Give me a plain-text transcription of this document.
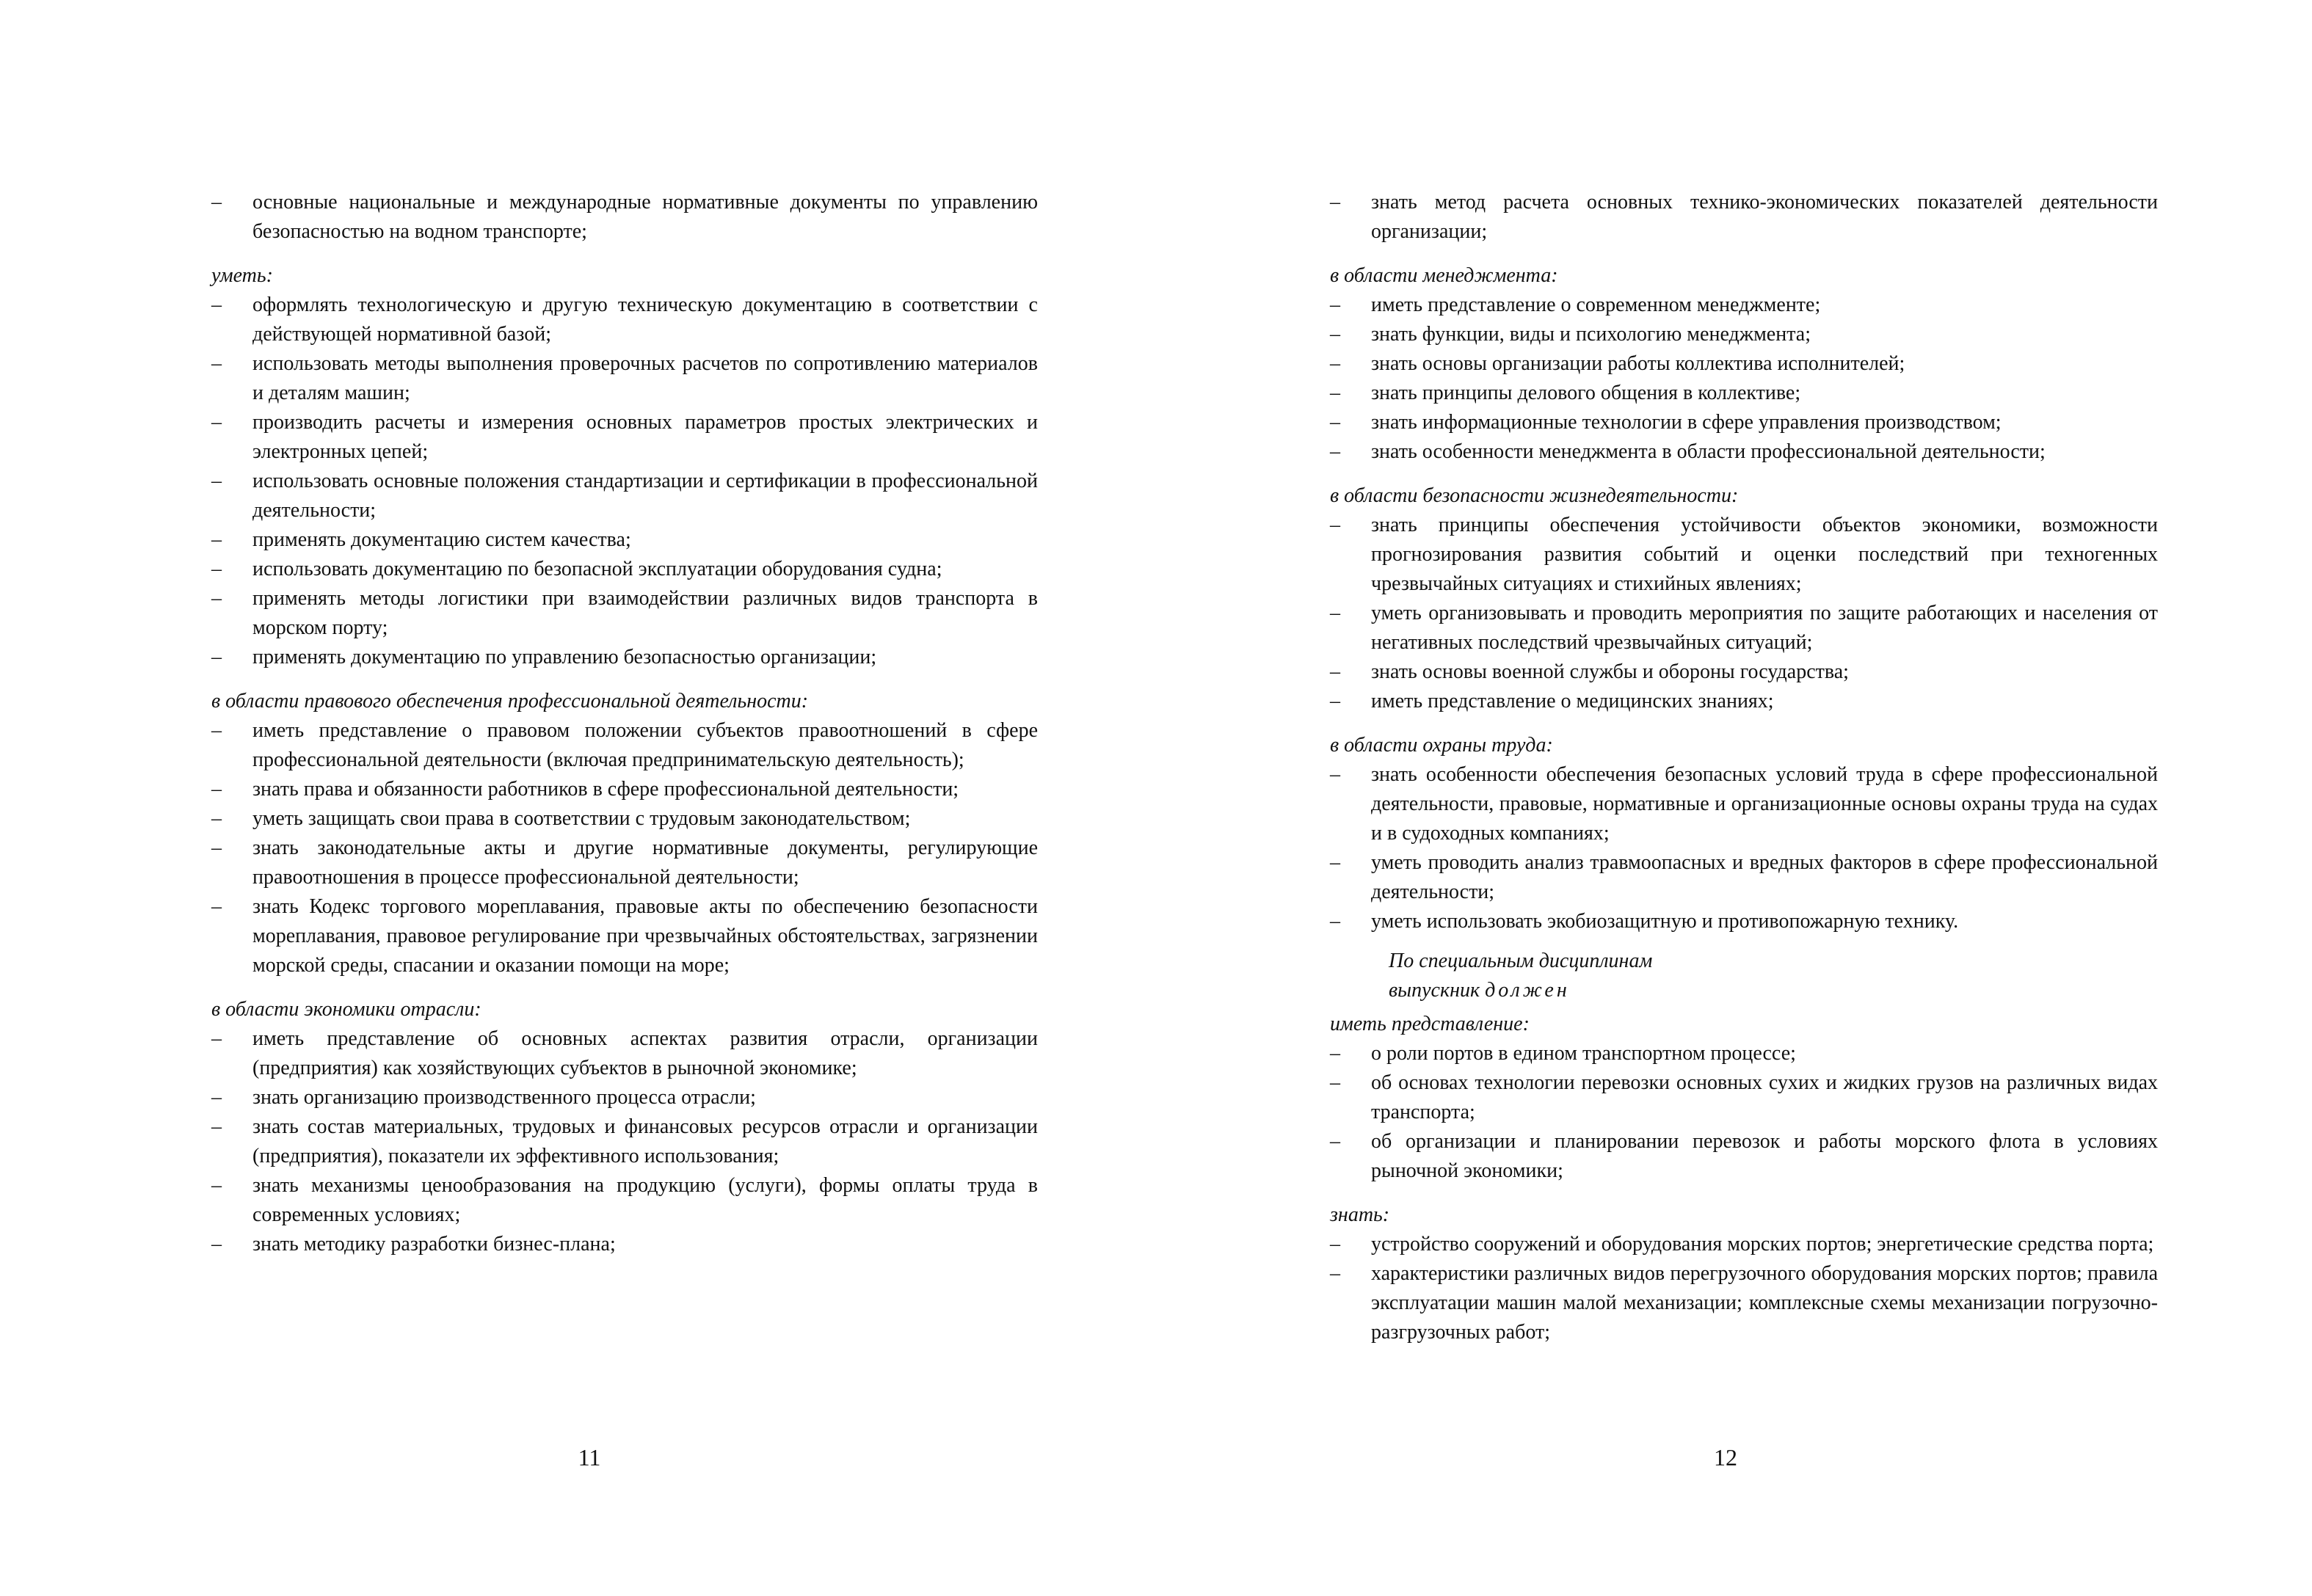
– основные национальные и международные нормативные документы по управлению безопасностью на водном транспорте;

уметь:

– оформлять технологическую и другую техническую документацию в соответствии с действующей нормативной базой;
– использовать методы выполнения проверочных расчетов по сопротивлению материалов и деталям машин;
– производить расчеты и измерения основных параметров простых электрических и электронных цепей;
– использовать основные положения стандартизации и сертификации в профессиональной деятельности;
– применять документацию систем качества;
– использовать документацию по безопасной эксплуатации оборудования судна;
– применять методы логистики при взаимодействии различных видов транспорта в морском порту;
– применять документацию по управлению безопасностью организации;

в области правового обеспечения профессиональной деятельности:

– иметь представление о правовом положении субъектов правоотношений в сфере профессиональной деятельности (включая предпринимательскую деятельность);
– знать права и обязанности работников в сфере профессиональной деятельности;
– уметь защищать свои права в соответствии с трудовым законодательством;
– знать законодательные акты и другие нормативные документы, регулирующие правоотношения в процессе профессиональной деятельности;
– знать Кодекс торгового мореплавания, правовые акты по обеспечению безопасности мореплавания, правовое регулирование при чрезвычайных обстоятельствах, загрязнении морской среды, спасании и оказании помощи на море;

в области экономики отрасли:

– иметь представление об основных аспектах развития отрасли, организации (предприятия) как хозяйствующих субъектов в рыночной экономике;
– знать организацию производственного процесса отрасли;
– знать состав материальных, трудовых и финансовых ресурсов отрасли и организации (предприятия), показатели их эффективного использования;
– знать механизмы ценообразования на продукцию (услуги), формы оплаты труда в современных условиях;
– знать методику разработки бизнес-плана;
– знать метод расчета основных технико-экономических показателей деятельности организации;

в области менеджмента:

– иметь представление о современном менеджменте;
– знать функции, виды и психологию менеджмента;
– знать основы организации работы коллектива исполнителей;
– знать принципы делового общения в коллективе;
– знать информационные технологии в сфере управления производством;
– знать особенности менеджмента в области профессиональной деятельности;

в области безопасности жизнедеятельности:

– знать принципы обеспечения устойчивости объектов экономики, возможности прогнозирования развития событий и оценки последствий при техногенных чрезвычайных ситуациях и стихийных явлениях;
– уметь организовывать и проводить мероприятия по защите работающих и населения от негативных последствий чрезвычайных ситуаций;
– знать основы военной службы и обороны государства;
– иметь представление о медицинских знаниях;

в области охраны труда:

– знать особенности обеспечения безопасных условий труда в сфере профессиональной деятельности, правовые, нормативные и организационные основы охраны труда на судах и в судоходных компаниях;
– уметь проводить анализ травмоопасных и вредных факторов в сфере профессиональной деятельности;
– уметь использовать экобиозащитную и противопожарную технику.
По специальным дисциплинам
выпускник должен

иметь представление:

– о роли портов в едином транспортном процессе;
– об основах технологии перевозки основных сухих и жидких грузов на различных видах транспорта;
– об организации и планировании перевозок и работы морского флота в условиях рыночной экономики;

знать:

– устройство сооружений и оборудования морских портов; энергетические средства порта;
– характеристики различных видов перегрузочного оборудования морских портов; правила эксплуатации машин малой механизации; комплексные схемы механизации погрузочно-разгрузочных работ;
11	12
